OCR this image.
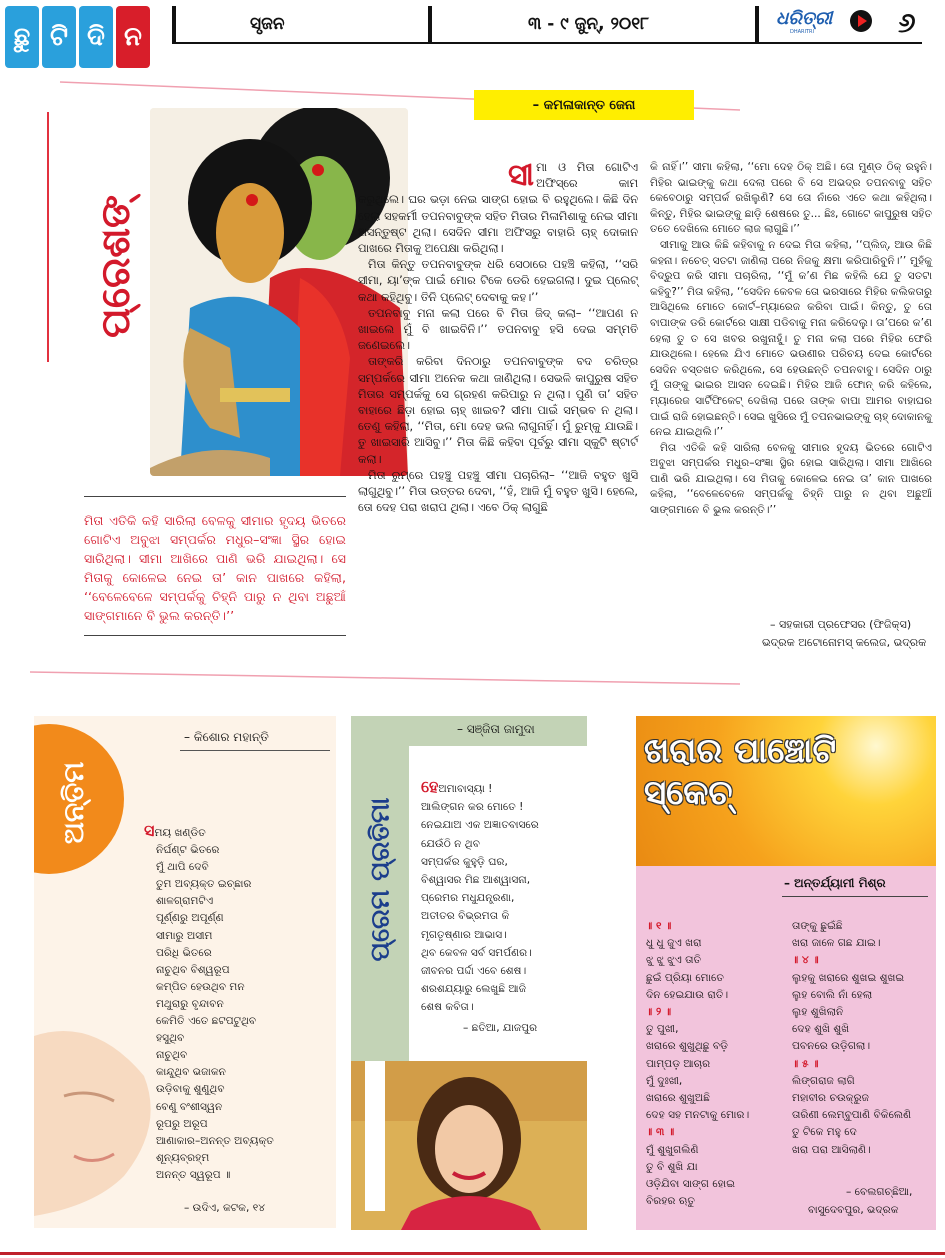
ଛୁ ଟି ଦି ନ	ସୃଜନ	୩ - ୯ ଜୁନ୍, ୨୦୧୮	ଧରିତ୍ରୀ
DHARITRI	୬
– କମଳାକାନ୍ତ ଜେନା
ପ୍ରେଶଙ୍

ସୀ ମା ଓ ମିତା ଗୋଟିଏ ଅଫିସ୍‌ରେ କାମ କରୁଥିଲେ। ଘର ଭଡ଼ା ନେଇ ସାଙ୍ଗ ହୋଇ ବି ରହୁଥିଲେ। କିଛି ଦିନ ହେଲା ସହକର୍ମୀ ତପନବାବୁଙ୍କ ସହିତ ମିତାର ମିଳାମିଶାକୁ ନେଇ ସୀମା ଅସନ୍ତୁଷ୍ଟ ଥିଲା। ସେଦିନ ସୀମା ଅଫିସରୁ ବାହାରି ଚାହ୍ ଦୋକାନ ପାଖରେ ମିତାକୁ ଅପେକ୍ଷା କରିଥିଲା।

ମିତା କିନ୍ତୁ ତପନବାବୁଙ୍କ ଧରି ସେଠାରେ ପହଞ୍ଚି କହିଲା, ‘‘ସରି ସୀମା, ୟା’ଙ୍କ ପାଇଁ ମୋର ଟିକେ ଡେରି ହେଇଗଲା। ଦୁଇ ପ୍ଲେଟ୍ କଥା କହିଥିବୁ। ତିନି ପ୍ଲେଟ୍ ଦେବାକୁ କହ।’’

ତପନବାବୁ ମନା କଲା ପରେ ବି ମିତା ଜିଦ୍ କଲା– ‘‘ଆପଣ ନ ଖାଇଲେ ମୁଁ ବି ଖାଇବିନି।’’ ତପନବାବୁ ହସି ଦେଇ ସମ୍ମତି ଜଣେଇଲେ।

ତାଙ୍କରି କରିବା ଦିନଠାରୁ ତପନବାବୁଙ୍କ ବଦ ଚରିତ୍ର ସମ୍ପର୍କରେ ସୀମା ଅନେକ କଥା ଜାଣିଥିଲା। ସେଭଳି କାପୁରୁଷ ସହିତ ମିତାର ସମ୍ପର୍କକୁ ସେ ଗ୍ରହଣ କରିପାରୁ ନ ଥିଲା। ପୁଣି ତା’ ସହିତ ବାହାରେ ଛିଡ଼ା ହୋଇ ଚାହ୍ ଖାଇବ? ସୀମା ପାଇଁ ସମ୍ଭବ ନ ଥିଲା। ତେଣୁ କହିଲା, ‘‘ମିତା, ମୋ ଦେହ ଭଲ ଲାଗୁନାହିଁ। ମୁଁ ରୁମ୍‌କୁ ଯାଉଛି। ତୁ ଖାଇସାରି ଆସିବୁ।’’ ମିତା କିଛି କହିବା ପୂର୍ବରୁ ସୀମା ସ୍କୁଟି ଷ୍ଟାର୍ଟ କଲା।

ମିତା ରୁମ୍‌ରେ ପହଞ୍ଚୁ ପହଞ୍ଚୁ ସୀମା ପଚାରିଲା– ‘‘ଆଜି ବହୁତ ଖୁସି ଲାଗୁଥିବୁ।’’ ମିତା ଉତ୍ତର ଦେବା, ‘‘ହଁ, ଆଜି ମୁଁ ବହୁତ ଖୁସି। ହେଲେ, ତୋ ଦେହ ପରା ଖରାପ ଥିଲା। ଏବେ ଠିକ୍ ଲାଗୁଛି

କି ନାହିଁ।’’ ସୀମା କହିଲା, ‘‘ମୋ ଦେହ ଠିକ୍ ଅଛି। ତୋ ମୁଣ୍ଡ ଠିକ୍ ରହୁନି। ମିହିର ଭାଇଙ୍କୁ କଥା ଦେଲା ପରେ ବି ସେ ଅଭଦ୍ର ତପନବାବୁ ସହିତ କେବେଠାରୁ ସମ୍ପର୍କ ରଖିଲୁଣି? ସେ ତୋ ନାଁରେ ଏତେ କଥା କହିଥିଲା। କିନ୍ତୁ, ମିହିର ଭାଇଙ୍କୁ ଛାଡ଼ି ଶେଷରେ ତୁ... ଛିଃ, ଗୋଟେ କାପୁରୁଷ ସହିତ ତତେ ଦେଖିଲେ ମୋତେ ଲାଜ ଲାଗୁଛି।’’

ସୀମାକୁ ଆଉ କିଛି କହିବାକୁ ନ ଦେଇ ମିତା କହିଲା, ‘‘ପ୍ଲିଜ୍, ଆଉ କିଛି କହନା। ନଚେତ୍ ସତଟା ଜାଣିଲା ପରେ ନିଜକୁ କ୍ଷମା କରିପାରିବୁନି।’’ ମୁହଁକୁ ବିଦ୍ରୁପ କରି ସୀମା ପଚାରିଲା, ‘‘ମୁଁ କ’ଣ ମିଛ କହିଲି ଯେ ତୁ ସତଟା କହିବୁ?’’ ମିତା କହିଲା, ‘‘ସେଦିନ କେବଳ ତୋ ଭରସାରେ ମିହିର କଲିକତାରୁ ଆସିଥିଲେ ମୋତେ କୋର୍ଟ–ମ୍ୟାରେଜ କରିବା ପାଇଁ। କିନ୍ତୁ, ତୁ ତୋ ବାପାଙ୍କ ଡରି କୋର୍ଟରେ ସାକ୍ଷୀ ପଡିବାକୁ ମନା କରିଦେଲୁ। ତା’ପରେ କ’ଣ ହେଲା ତୁ ତ ସେ ଖବର ରଖୁନାହୁଁ। ତୁ ମନା କଲା ପରେ ମିହିର ଫେରି ଯାଉଥିଲେ। ହେଲେ ଯିଏ ମୋତେ ଭଉଣୀର ପରିଚୟ ଦେଇ କୋର୍ଟରେ ସେଦିନ ବସ୍ତଖତ କରିଥିଲେ, ସେ ହେଉଛନ୍ତି ତପନବାବୁ। ସେଦିନ ଠାରୁ ମୁଁ ତାଙ୍କୁ ଭାଇର ଆସନ ଦେଇଛି। ମିହିର ଆଜି ଫୋନ୍ କରି କହିଲେ, ମ୍ୟାରେଜ ସାର୍ଟିଫିକେଟ୍ ଦେଖିଲା ପରେ ତାଙ୍କ ବାପା ଆମର ବାହାଘର ପାଇଁ ରାଜି ହୋଇଛନ୍ତି। ସେଇ ଖୁସିରେ ମୁଁ ତପନଭାଇଙ୍କୁ ଚାହ୍ ଦୋକାନକୁ ନେଇ ଯାଇଥିଲି।’’

ମିତା ଏତିକି କହି ସାରିଲା ବେଳକୁ ସୀମାର ହୃଦୟ ଭିତରେ ଗୋଟିଏ ଅବୁଝା ସମ୍ପର୍କର ମଧୁର–ସଂଜ୍ଞା ସ୍ଥିର ହୋଇ ସାରିଥିଲା। ସୀମା ଆଖିରେ ପାଣି ଭରି ଯାଇଥିଲା। ସେ ମିତାକୁ କୋଳେଇ ନେଇ ତା’ କାନ ପାଖରେ କହିଲା, ‘‘ବେଳେବେଳେ ସମ୍ପର୍କକୁ ଚିହ୍ନି ପାରୁ ନ ଥିବା ଅଛୁଆଁ ସାଙ୍ଗମାନେ ବି ଭୁଲ କରନ୍ତି।’’

– ସହକାରୀ ପ୍ରଫେସର (ଫିଜିକ୍ସ)
ଭଦ୍ରକ ଅଟୋନୋମସ୍ କଲେଜ, ଭଦ୍ରକ
ମିତା ଏତିକି କହି ସାରିଲା ବେଳକୁ ସୀମାର ହୃଦୟ ଭିତରେ ଗୋଟିଏ ଅବୁଝା ସମ୍ପର୍କର ମଧୁର–ସଂଜ୍ଞା ସ୍ଥିର ହୋଇ ସାରିଥିଲା। ସୀମା ଆଖିରେ ପାଣି ଭରି ଯାଇଥିଲା। ସେ ମିତାକୁ କୋଳେଇ ନେଇ ତା’ କାନ ପାଖରେ କହିଲା, ‘‘ବେଳେବେଳେ ସମ୍ପର୍କକୁ ଚିହ୍ନି ପାରୁ ନ ଥିବା ଅଛୁଆଁ ସାଙ୍ଗମାନେ ବି ଭୁଲ କରନ୍ତି।’’
ଅନ୍ତିମ
– କିଶୋର ମହାନ୍ତି
ସମୟ ଖଣ୍ଡିତ
ନିର୍ଘଣ୍ଟ ଭିତରେ
ମୁଁ ଥାପି ଦେବି
ତୁମ ଅବ୍ୟକ୍ତ ଇଚ୍ଛାର
ଶାଳଗ୍ରାମଟିଏ
ପୂର୍ଣ୍ଣରୁ ଅପୂର୍ଣ୍ଣ
ସୀମାରୁ ଅସୀମ
ପରିଧି ଭିତରେ
ନାଚୁଥିବ ବିଶ୍ୱରୂପ
କମ୍ପିତ ହେଉଥିବ ମନ
ମଥୁରାରୁ ବୃନ୍ଦାବନ
କେମିତି ଏତେ ଛଟପଟୁଥିବ
ହସୁଥିବ
ନାଚୁଥିବ
କାନ୍ଦୁଥିବ ଭଜାକନ
ଉଡ଼ିବାକୁ ଶୁଣୁଥିବ
ବେଣୁ ବଂଶୀସ୍ୱନ
ରୂପରୁ ଅରୂପ
ଆଣାକାର–ଅନନ୍ତ ଅବ୍ୟକ୍ତ
ଶୂନ୍ୟବ୍ରହ୍ମ
ଅନନ୍ତ ସ୍ୱରୂପ ॥
– ଉଦିଏ, କଟକ, ୧୪
– ସଞ୍ଜିତା ଜାମୁଦା
ପ୍ରେମ ପ୍ରତିମା
ହେଅମାବାସ୍ୟା !
ଆଲିଙ୍ଗନ କର ମୋତେ !
ନେଇଯାଅ ଏକ ଅଜ୍ଞାତବାସରେ
ଯେଉଁଠି ନ ଥିବ
ସମ୍ପର୍କର କୁହୁଡ଼ି ଘର,
ବିଶ୍ୱାସର ମିଛ ଆଶ୍ୱାସନା,
ପ୍ରେମର ମଧୁଯନ୍ତ୍ରଣା,
ଅତୀତର ବିଭ୍ରମତା କି
ମୃଗତୃଷ୍ଣାର ଆଭାସ।
ଥିବ କେବଳ ସର୍ବ ସମର୍ପଣର।
ଜୀବନର ପର୍ଦ୍ଦା ଏବେ ଶେଷ।
ଶରଶଯ୍ୟାରୁ ଲେଖୁଛି ଆଜି
ଶେଷ କବିତା।
– ଛତିଆ, ଯାଜପୁର
ଖରାର ପାଞ୍ଚୋଟି ସ୍କେଚ୍
– ଅନ୍ତର୍ଯ୍ୟାମୀ ମିଶ୍ର
॥ ୧ ॥
ଧୁ ଧୁ ଜୁଏ ଖରା
ଝୁ ଝୁ ଝୁଏ ତାତି
ଛୁଇଁ ପ୍ରିୟା ମୋତେ
ଦିନ ହେଇଯାଉ ରାତି।
॥ ୨ ॥
ତୁ ପୁଖୀ,
ଖରାରେ ଶୁଖୁଥିଛୁ ବଡ଼ି
ପାମ୍ପଡ଼ ଆଚାର
ମୁଁ ଦୁଃଖୀ,
ଖରାରେ ଶୁଖୁଅଛି
ଦେହ ସହ ମନଟାକୁ ମୋର।
॥ ୩ ॥
ମୁଁ ଶୁଖୁଗଲିଣି
ତୁ ବି ଶୁଖି ଯା
ଓଡ଼ିଯିବା ସାଙ୍ଗ ହୋଇ
ବିରହର ଋତୁ
ତାଙ୍କୁ ଛୁଇଁଛି
ଖରା ଜାଳେ ଗଛ ଯାଇ।
॥ ୪ ॥
ଲୁହକୁ ଖରାରେ ଶୁଖଇ ଶୁଖଇ
ଲୁହ ବୋଲି ନାଁ ହେଲା
ଲୁହ ଶୁଖିଲାନି
ଦେହ ଶୁଖି ଶୁଖି
ପବନରେ ଉଡ଼ିଗଲା।
॥ ୫ ॥
ଲିଙ୍ଗରାଜ ଲାଗି
ମହାବୀର ଚଉକ୍ରୁଜ
ତାରିଣୀ ଲେମ୍ବୁପାଣି ବିକିଲେଣି
ତୁ ଟିକେ ମହୁ ଦେ
ଖରା ପରା ଆସିଲାଣି।
– ବେଲଗଚ୍ଛିଆ,
ବାସୁଦେବପୁର, ଭଦ୍ରକ
